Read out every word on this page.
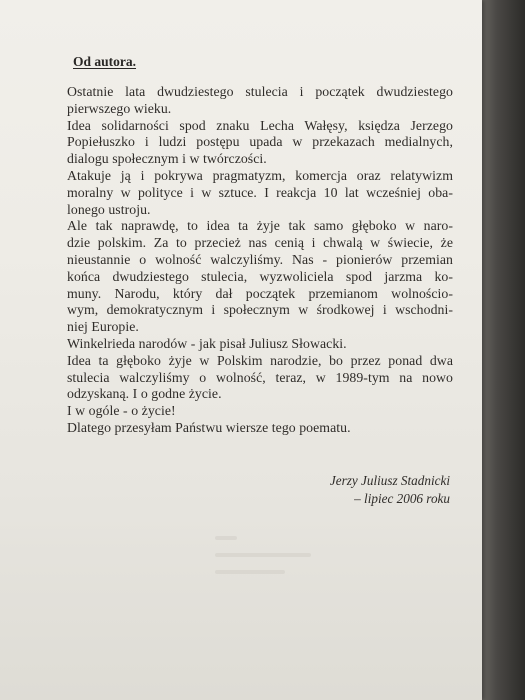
Od autora.
Ostatnie lata dwudziestego stulecia i początek dwudziestego
pierwszego wieku.
Idea solidarności spod znaku Lecha Wałęsy, księdza Jerzego
Popiełuszko i ludzi postępu upada w przekazach medialnych,
dialogu społecznym i w twórczości.
Atakuje ją i pokrywa pragmatyzm, komercja oraz relatywizm
moralny w polityce i w sztuce. I reakcja 10 lat wcześniej oba-
lonego ustroju.
Ale tak naprawdę, to idea ta żyje tak samo głęboko w naro-
dzie polskim. Za to przecież nas cenią i chwalą w świecie, że
nieustannie o wolność walczyliśmy. Nas - pionierów przemian
końca dwudziestego stulecia, wyzwoliciela spod jarzma ko-
muny. Narodu, który dał początek przemianom wolnościo-
wym, demokratycznym i społecznym w środkowej i wschodni-
niej Europie.
Winkelrieda narodów - jak pisał Juliusz Słowacki.
Idea ta głęboko żyje w Polskim narodzie, bo przez ponad dwa
stulecia walczyliśmy o wolność, teraz, w 1989-tym na nowo
odzyskaną. I o godne życie.
I w ogóle - o życie!
Dlatego przesyłam Państwu wiersze tego poematu.
Jerzy Juliusz Stadnicki
– lipiec 2006 roku
